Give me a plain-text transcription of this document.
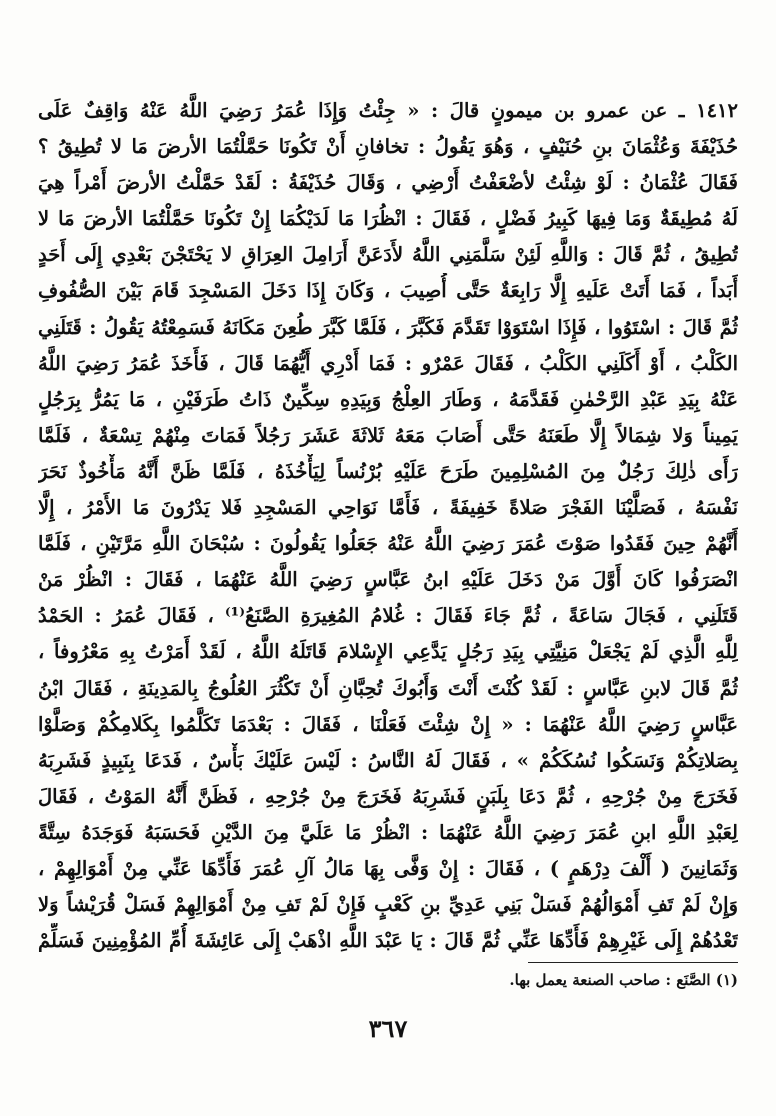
١٤١٢ ـ عن عمرو بن ميمونٍ قالَ : « جِئْتُ وَإِذَا عُمَرُ رَضِيَ اللَّهُ عَنْهُ وَاقِفٌ عَلَى
حُذَيْفَةَ وَعُثْمَانَ بنِ حُنَيْفٍ ، وَهُوَ يَقُولُ : تخافانِ أَنْ تَكُونَا حَمَّلْتُمَا الأرضَ مَا لا تُطِيقُ ؟
فَقَالَ عُثْمَانُ : لَوْ شِئْتُ لأضْعَفْتُ أَرْضِي ، وَقَالَ حُذَيْفَةُ : لَقَدْ حَمَّلْتُ الأرضَ أَمْراً هِيَ
لَهُ مُطِيقَةٌ وَمَا فِيهَا كَبِيرُ فَضْلٍ ، فَقَالَ : انْظُرَا مَا لَدَيْكُمَا إِنْ تَكُونَا حَمَّلْتُمَا الأرضَ مَا لا
تُطِيقُ ، ثُمَّ قَالَ : وَاللَّهِ لَئِنْ سَلَّمَنِي اللَّهُ لأَدَعَنَّ أَرَامِلَ العِرَاقِ لا يَحْتَجْنَ بَعْدِي إِلَى أَحَدٍ
أَبَداً ، فَمَا أَتَتْ عَلَيهِ إِلَّا رَابِعَةٌ حَتَّى أُصِيبَ ، وَكَانَ إِذَا دَخَلَ المَسْجِدَ قَامَ بَيْنَ الصُّفُوفِ
ثُمَّ قَالَ : اسْتَوُوا ، فَإِذَا اسْتَوَوْا تَقَدَّمَ فَكَبَّرَ ، فَلَمَّا كَبَّرَ طُعِنَ مَكَانَهُ فَسَمِعْتُهُ يَقُولُ : قَتَلَنِي
الكَلْبُ ، أَوْ أَكَلَنِي الكَلْبُ ، فَقَالَ عَمْرٌو : فَمَا أَدْرِي أَيُّهُمَا قَالَ ، فَأَخَذَ عُمَرُ رَضِيَ اللَّهُ
عَنْهُ بِيَدِ عَبْدِ الرَّحْمٰنِ فَقَدَّمَهُ ، وَطَارَ العِلْجُ وَبِيَدِهِ سِكِّينٌ ذَاتُ طَرَفَيْنِ ، مَا يَمُرُّ بِرَجُلٍ
يَمِيناً وَلا شِمَالاً إِلَّا طَعَنَهُ حَتَّى أَصَابَ مَعَهُ ثَلاثَةَ عَشَرَ رَجُلاً فَمَاتَ مِنْهُمْ تِسْعَةٌ ، فَلَمَّا
رَأَى ذٰلِكَ رَجُلٌ مِنَ المُسْلِمِينَ طَرَحَ عَلَيْهِ بُرْنُساً لِيَأْخُذَهُ ، فَلَمَّا ظَنَّ أَنَّهُ مَأْخُوذٌ نَحَرَ
نَفْسَهُ ، فَصَلَّيْنَا الفَجْرَ صَلاةً خَفِيفَةً ، فَأَمَّا نَوَاحِي المَسْجِدِ فَلا يَدْرُونَ مَا الأَمْرُ ، إِلَّا
أَنَّهُمْ حِينَ فَقَدُوا صَوْتَ عُمَرَ رَضِيَ اللَّهُ عَنْهُ جَعَلُوا يَقُولُونَ : سُبْحَانَ اللَّهِ مَرَّتَيْنِ ، فَلَمَّا
انْصَرَفُوا كَانَ أَوَّلَ مَنْ دَخَلَ عَلَيْهِ ابنُ عَبَّاسٍ رَضِيَ اللَّهُ عَنْهُمَا ، فَقَالَ : انْظُرْ مَنْ
قَتَلَنِي ، فَجَالَ سَاعَةً ، ثُمَّ جَاءَ فَقَالَ : غُلامُ المُغِيرَةِ الصَّنَعُ⁽¹⁾ ، فَقَالَ عُمَرُ : الحَمْدُ
لِلَّهِ الَّذِي لَمْ يَجْعَلْ مَنِيَّتِي بِيَدِ رَجُلٍ يَدَّعِي الإِسْلامَ قَاتَلَهُ اللَّهُ ، لَقَدْ أَمَرْتُ بِهِ مَعْرُوفاً ،
ثُمَّ قَالَ لابنِ عَبَّاسٍ : لَقَدْ كُنْتَ أَنْتَ وَأَبُوكَ تُحِبَّانِ أَنْ تَكْثُرَ العُلُوجُ بِالمَدِينَةِ ، فَقَالَ ابْنُ
عَبَّاسٍ رَضِيَ اللَّهُ عَنْهُمَا : « إِنْ شِئْتَ فَعَلْنَا ، فَقَالَ : بَعْدَمَا تَكَلَّمُوا بِكَلامِكُمْ وَصَلَّوْا
بِصَلاتِكُمْ وَنَسَكُوا نُسُكَكُمْ » ، فَقَالَ لَهُ النَّاسُ : لَيْسَ عَلَيْكَ بَأْسٌ ، فَدَعَا بِنَبِيذٍ فَشَرِبَهُ
فَخَرَجَ مِنْ جُرْحِهِ ، ثُمَّ دَعَا بِلَبَنٍ فَشَرِبَهُ فَخَرَجَ مِنْ جُرْحِهِ ، فَظَنَّ أَنَّهُ المَوْتُ ، فَقَالَ
لِعَبْدِ اللَّهِ ابنِ عُمَرَ رَضِيَ اللَّهُ عَنْهُمَا : انْظُرْ مَا عَلَيَّ مِنَ الدَّيْنِ فَحَسَبَهُ فَوَجَدَهُ سِتَّةً
وَثَمَانِينَ ( أَلْفَ دِرْهَمٍ ) ، فَقَالَ : إِنْ وَفَّى بِهَا مَالُ آلِ عُمَرَ فَأَدِّهَا عَنِّي مِنْ أَمْوَالِهِمْ ،
وَإِنْ لَمْ تَفِ أَمْوَالُهُمْ فَسَلْ بَنِي عَدِيِّ بنِ كَعْبٍ فَإِنْ لَمْ تَفِ مِنْ أَمْوَالِهِمْ فَسَلْ قُرَيْشاً وَلا
تَعْدُهُمْ إِلَى غَيْرِهِمْ فَأَدِّهَا عَنِّي ثُمَّ قَالَ : يَا عَبْدَ اللَّهِ اذْهَبْ إِلَى عَائِشَةَ أُمِّ المُؤْمِنِينَ فَسَلِّمْ
(١) الصَّنَع : صاحب الصنعة يعمل بها.
٣٦٧
